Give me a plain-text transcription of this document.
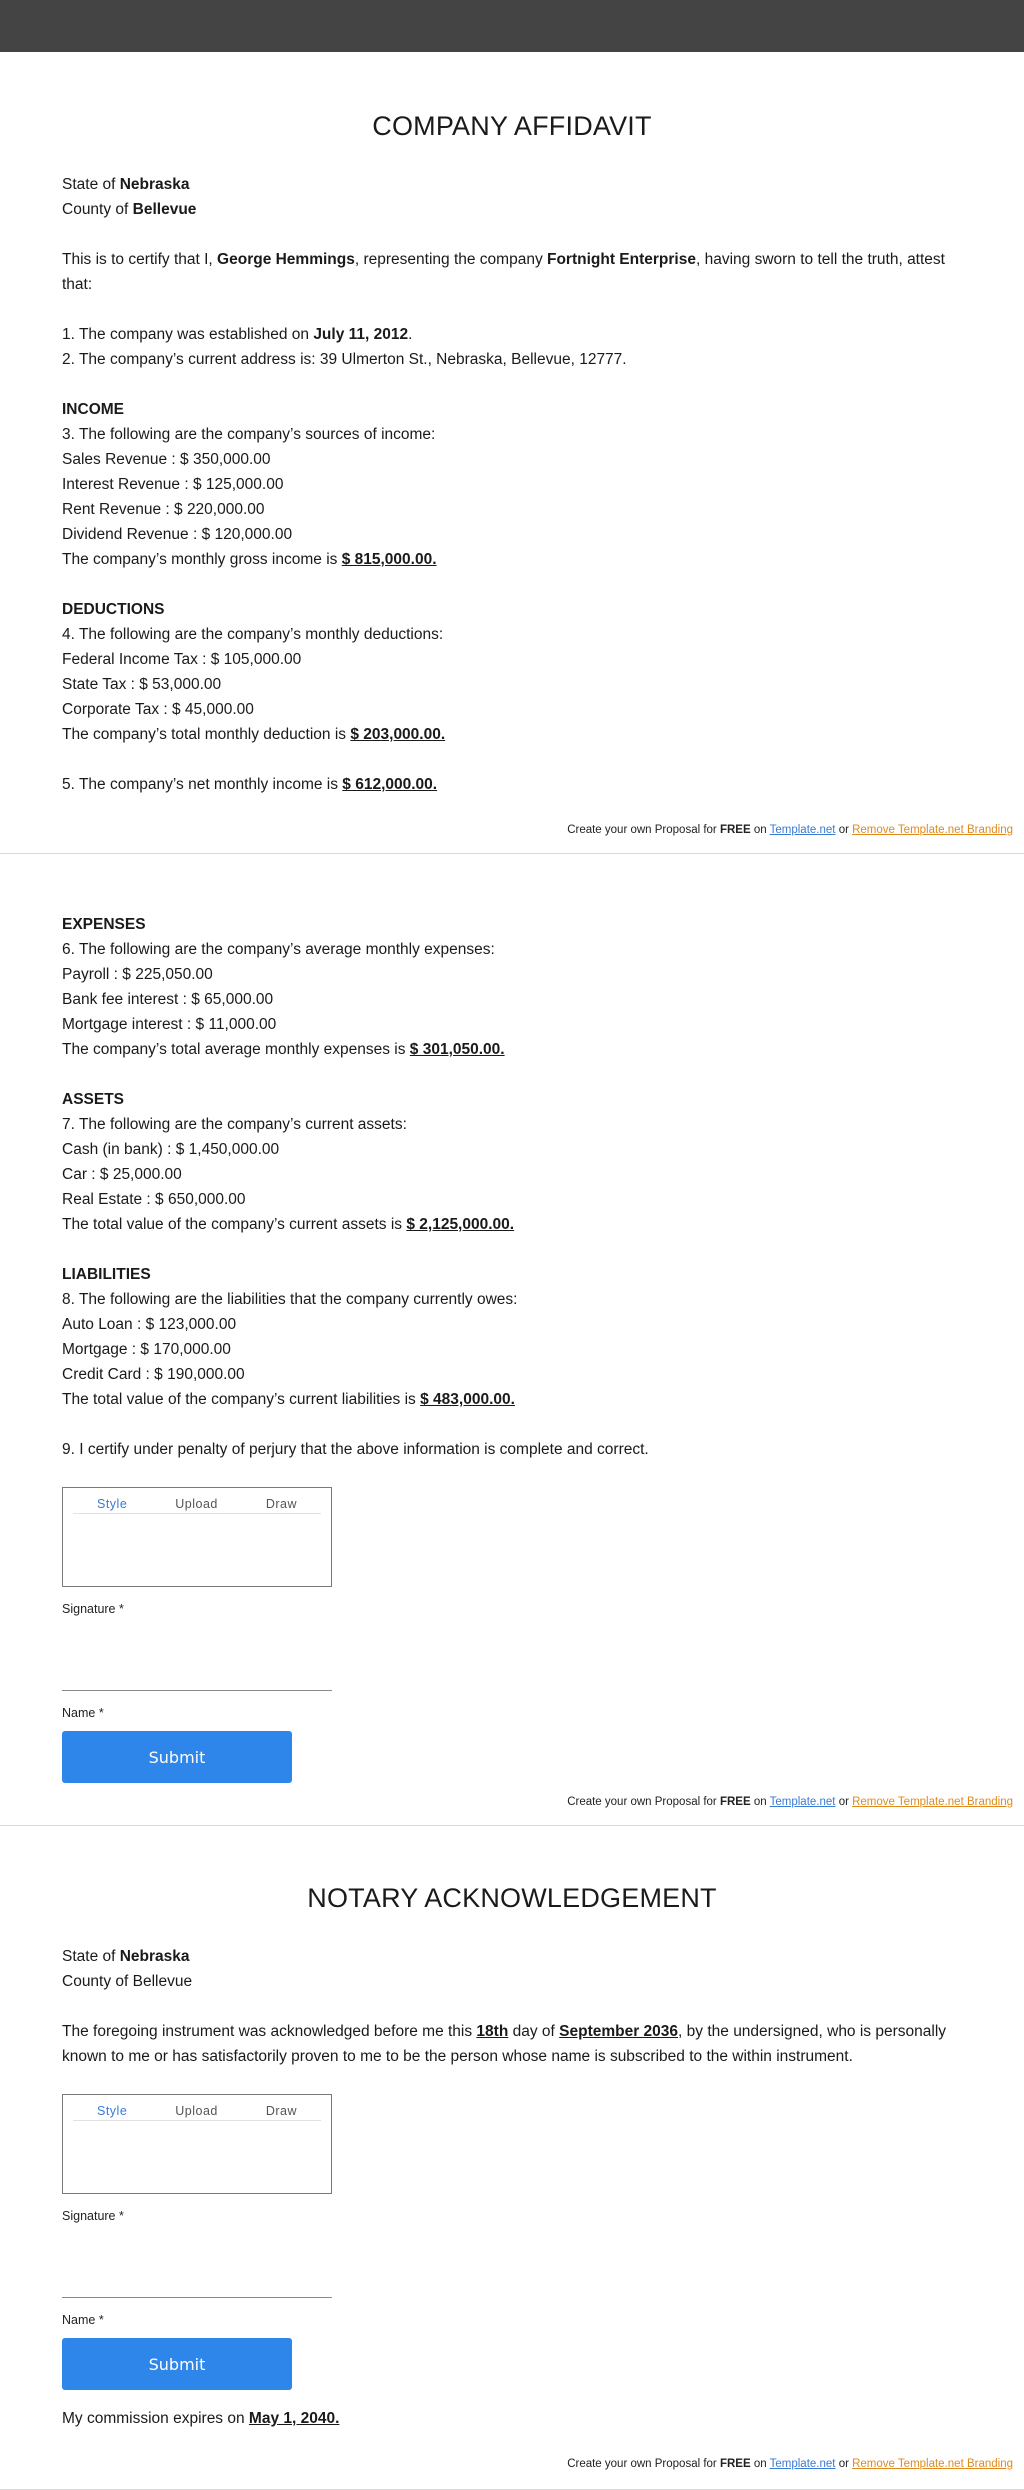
COMPANY AFFIDAVIT
State of Nebraska
County of Bellevue
This is to certify that I, George Hemmings, representing the company Fortnight Enterprise, having sworn to tell the truth, attest that:
1. The company was established on July 11, 2012.
2. The company’s current address is: 39 Ulmerton St., Nebraska, Bellevue, 12777.
INCOME
3. The following are the company’s sources of income:
Sales Revenue : $ 350,000.00
Interest Revenue : $ 125,000.00
Rent Revenue : $ 220,000.00
Dividend Revenue : $ 120,000.00
The company’s monthly gross income is $ 815,000.00.
DEDUCTIONS
4. The following are the company’s monthly deductions:
Federal Income Tax : $ 105,000.00
State Tax : $ 53,000.00
Corporate Tax : $ 45,000.00
The company’s total monthly deduction is $ 203,000.00.
5. The company’s net monthly income is $ 612,000.00.
Create your own Proposal for FREE on Template.net or Remove Template.net Branding
EXPENSES
6. The following are the company’s average monthly expenses:
Payroll : $ 225,050.00
Bank fee interest : $ 65,000.00
Mortgage interest : $ 11,000.00
The company’s total average monthly expenses is $ 301,050.00.
ASSETS
7. The following are the company’s current assets:
Cash (in bank) : $ 1,450,000.00
Car : $ 25,000.00
Real Estate : $ 650,000.00
The total value of the company’s current assets is $ 2,125,000.00.
LIABILITIES
8. The following are the liabilities that the company currently owes:
Auto Loan : $ 123,000.00
Mortgage : $ 170,000.00
Credit Card : $ 190,000.00
The total value of the company’s current liabilities is $ 483,000.00.
9. I certify under penalty of perjury that the above information is complete and correct.
Style	Upload	Draw
Signature *
Name *
Submit
Create your own Proposal for FREE on Template.net or Remove Template.net Branding
NOTARY ACKNOWLEDGEMENT
State of Nebraska
County of Bellevue
The foregoing instrument was acknowledged before me this 18th day of September 2036, by the undersigned, who is personally known to me or has satisfactorily proven to me to be the person whose name is subscribed to the within instrument.
Style	Upload	Draw
Signature *
Name *
Submit
My commission expires on May 1, 2040.
Create your own Proposal for FREE on Template.net or Remove Template.net Branding
